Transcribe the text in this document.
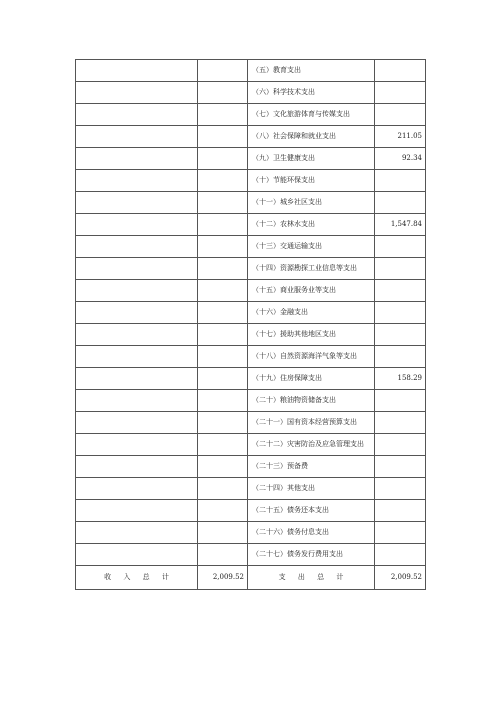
		（五）教育支出	
		（六）科学技术支出	
		（七）文化旅游体育与传媒支出	
		（八）社会保障和就业支出	211.05
		（九）卫生健康支出	92.34
		（十）节能环保支出	
		（十一）城乡社区支出	
		（十二）农林水支出	1,547.84
		（十三）交通运输支出	
		（十四）资源勘探工业信息等支出	
		（十五）商业服务业等支出	
		（十六）金融支出	
		（十七）援助其他地区支出	
		（十八）自然资源海洋气象等支出	
		（十九）住房保障支出	158.29
		（二十）粮油物资储备支出	
		（二十一）国有资本经营预算支出	
		（二十二）灾害防治及应急管理支出	
		（二十三）预备费	
		（二十四）其他支出	
		（二十五）债务还本支出	
		（二十六）债务付息支出	
		（二十七）债务发行费用支出	
收 入 总 计	2,009.52	支 出 总 计	2,009.52
